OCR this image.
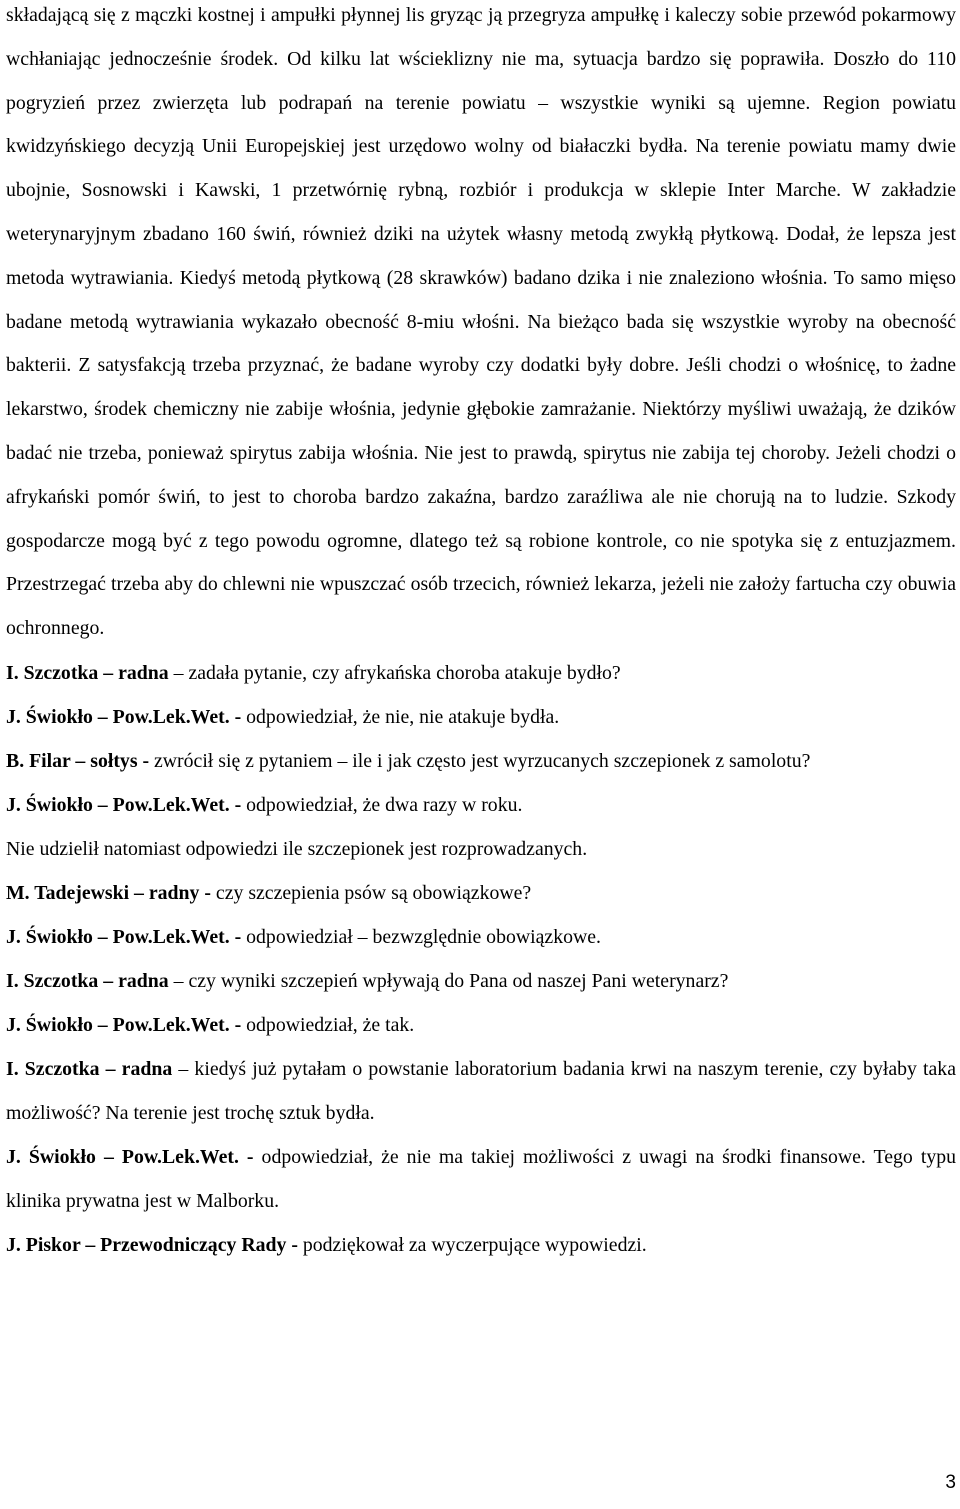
składającą się z mączki kostnej i ampułki płynnej lis gryząc ją przegryza ampułkę i kaleczy sobie przewód pokarmowy wchłaniając jednocześnie środek. Od kilku lat wścieklizny nie ma, sytuacja bardzo się poprawiła. Doszło do 110 pogryzień przez zwierzęta lub podrapań na terenie powiatu – wszystkie wyniki są ujemne. Region powiatu kwidzyńskiego decyzją Unii Europejskiej jest urzędowo wolny od białaczki bydła. Na terenie powiatu mamy dwie ubojnie, Sosnowski i Kawski, 1 przetwórnię rybną, rozbiór i produkcja w sklepie Inter Marche. W zakładzie weterynaryjnym zbadano 160 świń, również dziki na użytek własny metodą zwykłą płytkową. Dodał, że lepsza jest metoda wytrawiania. Kiedyś metodą płytkową (28 skrawków) badano dzika i nie znaleziono włośnia. To samo mięso badane metodą wytrawiania wykazało obecność 8-miu włośni. Na bieżąco bada się wszystkie wyroby na obecność bakterii. Z satysfakcją trzeba przyznać, że badane wyroby czy dodatki były dobre. Jeśli chodzi o włośnicę, to żadne lekarstwo, środek chemiczny nie zabije włośnia, jedynie głębokie zamrażanie. Niektórzy myśliwi uważają, że dzików badać nie trzeba, ponieważ spirytus zabija włośnia. Nie jest to prawdą, spirytus nie zabija tej choroby. Jeżeli chodzi o afrykański pomór świń, to jest to choroba bardzo zakaźna, bardzo zaraźliwa ale nie chorują na to ludzie. Szkody gospodarcze mogą być z tego powodu ogromne, dlatego też są robione kontrole, co nie spotyka się z entuzjazmem. Przestrzegać trzeba aby do chlewni nie wpuszczać osób trzecich, również lekarza, jeżeli nie założy fartucha czy obuwia ochronnego.

I. Szczotka – radna – zadała pytanie, czy afrykańska choroba atakuje bydło?

J. Świokło – Pow.Lek.Wet. - odpowiedział, że nie, nie atakuje bydła.

B. Filar – sołtys - zwrócił się z pytaniem – ile i jak często jest wyrzucanych szczepionek z samolotu?

J. Świokło – Pow.Lek.Wet. - odpowiedział, że dwa razy w roku.

Nie udzielił natomiast odpowiedzi ile szczepionek jest rozprowadzanych.

M. Tadejewski – radny - czy szczepienia psów są obowiązkowe?

J. Świokło – Pow.Lek.Wet. - odpowiedział – bezwzględnie obowiązkowe.

I. Szczotka – radna – czy wyniki szczepień wpływają do Pana od naszej Pani weterynarz?

J. Świokło – Pow.Lek.Wet. - odpowiedział, że tak.

I. Szczotka – radna – kiedyś już pytałam o powstanie laboratorium badania krwi na naszym terenie, czy byłaby taka możliwość? Na terenie jest trochę sztuk bydła.

J. Świokło – Pow.Lek.Wet. - odpowiedział, że nie ma takiej możliwości z uwagi na środki finansowe. Tego typu klinika prywatna jest w Malborku.

J. Piskor – Przewodniczący Rady - podziękował za wyczerpujące wypowiedzi.

3
